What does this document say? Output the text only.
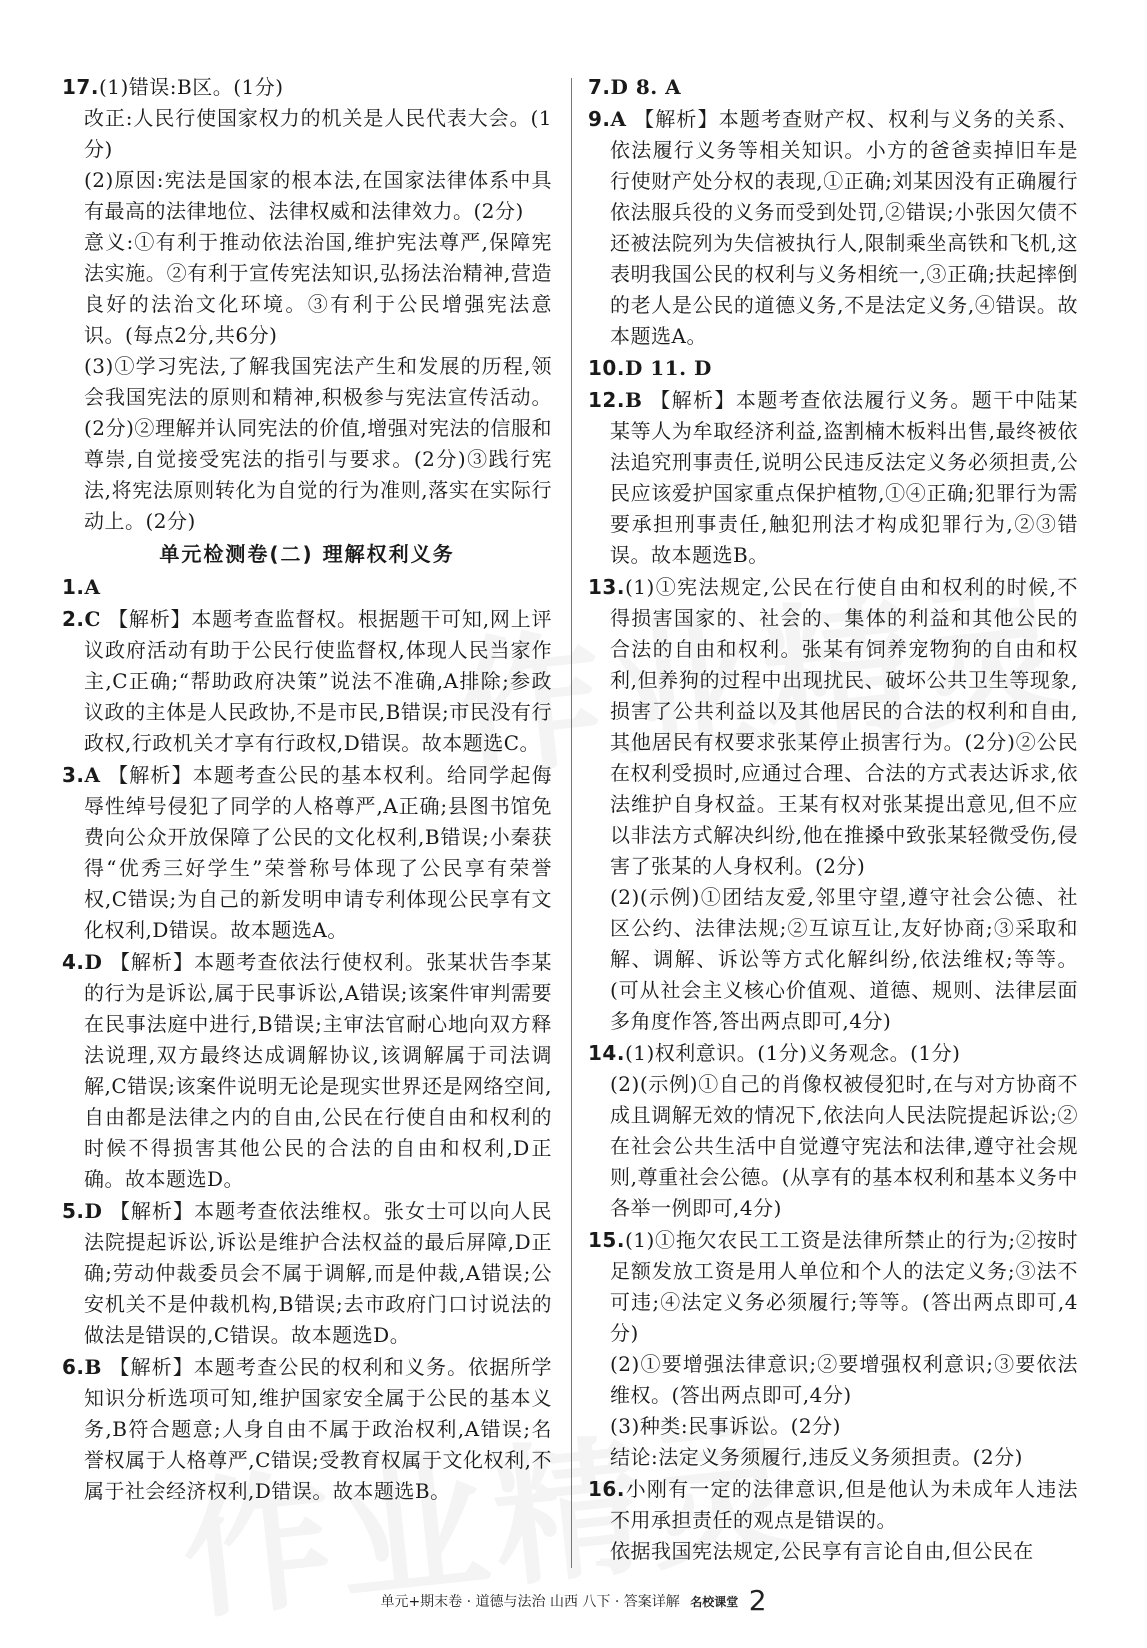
17.(1)错误:B区。(1分)

改正:人民行使国家权力的机关是人民代表大会。(1分)

(2)原因:宪法是国家的根本法,在国家法律体系中具有最高的法律地位、法律权威和法律效力。(2分)

意义:①有利于推动依法治国,维护宪法尊严,保障宪法实施。②有利于宣传宪法知识,弘扬法治精神,营造良好的法治文化环境。③有利于公民增强宪法意识。(每点2分,共6分)

(3)①学习宪法,了解我国宪法产生和发展的历程,领会我国宪法的原则和精神,积极参与宪法宣传活动。(2分)②理解并认同宪法的价值,增强对宪法的信服和尊崇,自觉接受宪法的指引与要求。(2分)③践行宪法,将宪法原则转化为自觉的行为准则,落实在实际行动上。(2分)

单元检测卷(二) 理解权利义务

1.A

2.C 【解析】本题考查监督权。根据题干可知,网上评议政府活动有助于公民行使监督权,体现人民当家作主,C正确;“帮助政府决策”说法不准确,A排除;参政议政的主体是人民政协,不是市民,B错误;市民没有行政权,行政机关才享有行政权,D错误。故本题选C。

3.A 【解析】本题考查公民的基本权利。给同学起侮辱性绰号侵犯了同学的人格尊严,A正确;县图书馆免费向公众开放保障了公民的文化权利,B错误;小秦获得“优秀三好学生”荣誉称号体现了公民享有荣誉权,C错误;为自己的新发明申请专利体现公民享有文化权利,D错误。故本题选A。

4.D 【解析】本题考查依法行使权利。张某状告李某的行为是诉讼,属于民事诉讼,A错误;该案件审判需要在民事法庭中进行,B错误;主审法官耐心地向双方释法说理,双方最终达成调解协议,该调解属于司法调解,C错误;该案件说明无论是现实世界还是网络空间,自由都是法律之内的自由,公民在行使自由和权利的时候不得损害其他公民的合法的自由和权利,D正确。故本题选D。

5.D 【解析】本题考查依法维权。张女士可以向人民法院提起诉讼,诉讼是维护合法权益的最后屏障,D正确;劳动仲裁委员会不属于调解,而是仲裁,A错误;公安机关不是仲裁机构,B错误;去市政府门口讨说法的做法是错误的,C错误。故本题选D。

6.B 【解析】本题考查公民的权利和义务。依据所学知识分析选项可知,维护国家安全属于公民的基本义务,B符合题意;人身自由不属于政治权利,A错误;名誉权属于人格尊严,C错误;受教育权属于文化权利,不属于社会经济权利,D错误。故本题选B。

7.D 8. A

9.A 【解析】本题考查财产权、权利与义务的关系、依法履行义务等相关知识。小方的爸爸卖掉旧车是行使财产处分权的表现,①正确;刘某因没有正确履行依法服兵役的义务而受到处罚,②错误;小张因欠债不还被法院列为失信被执行人,限制乘坐高铁和飞机,这表明我国公民的权利与义务相统一,③正确;扶起摔倒的老人是公民的道德义务,不是法定义务,④错误。故本题选A。

10.D 11. D

12.B 【解析】本题考查依法履行义务。题干中陆某某等人为牟取经济利益,盗割楠木板料出售,最终被依法追究刑事责任,说明公民违反法定义务必须担责,公民应该爱护国家重点保护植物,①④正确;犯罪行为需要承担刑事责任,触犯刑法才构成犯罪行为,②③错误。故本题选B。

13.(1)①宪法规定,公民在行使自由和权利的时候,不得损害国家的、社会的、集体的利益和其他公民的合法的自由和权利。张某有饲养宠物狗的自由和权利,但养狗的过程中出现扰民、破坏公共卫生等现象,损害了公共利益以及其他居民的合法的权利和自由,其他居民有权要求张某停止损害行为。(2分)②公民在权利受损时,应通过合理、合法的方式表达诉求,依法维护自身权益。王某有权对张某提出意见,但不应以非法方式解决纠纷,他在推搡中致张某轻微受伤,侵害了张某的人身权利。(2分)

(2)(示例)①团结友爱,邻里守望,遵守社会公德、社区公约、法律法规;②互谅互让,友好协商;③采取和解、调解、诉讼等方式化解纠纷,依法维权;等等。(可从社会主义核心价值观、道德、规则、法律层面多角度作答,答出两点即可,4分)

14.(1)权利意识。(1分)义务观念。(1分)

(2)(示例)①自己的肖像权被侵犯时,在与对方协商不成且调解无效的情况下,依法向人民法院提起诉讼;②在社会公共生活中自觉遵守宪法和法律,遵守社会规则,尊重社会公德。(从享有的基本权利和基本义务中各举一例即可,4分)

15.(1)①拖欠农民工工资是法律所禁止的行为;②按时足额发放工资是用人单位和个人的法定义务;③法不可违;④法定义务必须履行;等等。(答出两点即可,4分)

(2)①要增强法律意识;②要增强权利意识;③要依法维权。(答出两点即可,4分)

(3)种类:民事诉讼。(2分)

结论:法定义务须履行,违反义务须担责。(2分)

16.小刚有一定的法律意识,但是他认为未成年人违法不用承担责任的观点是错误的。

依据我国宪法规定,公民享有言论自由,但公民在

单元+期末卷 · 道德与法治 山西 八下 · 答案详解 名校课堂 2
